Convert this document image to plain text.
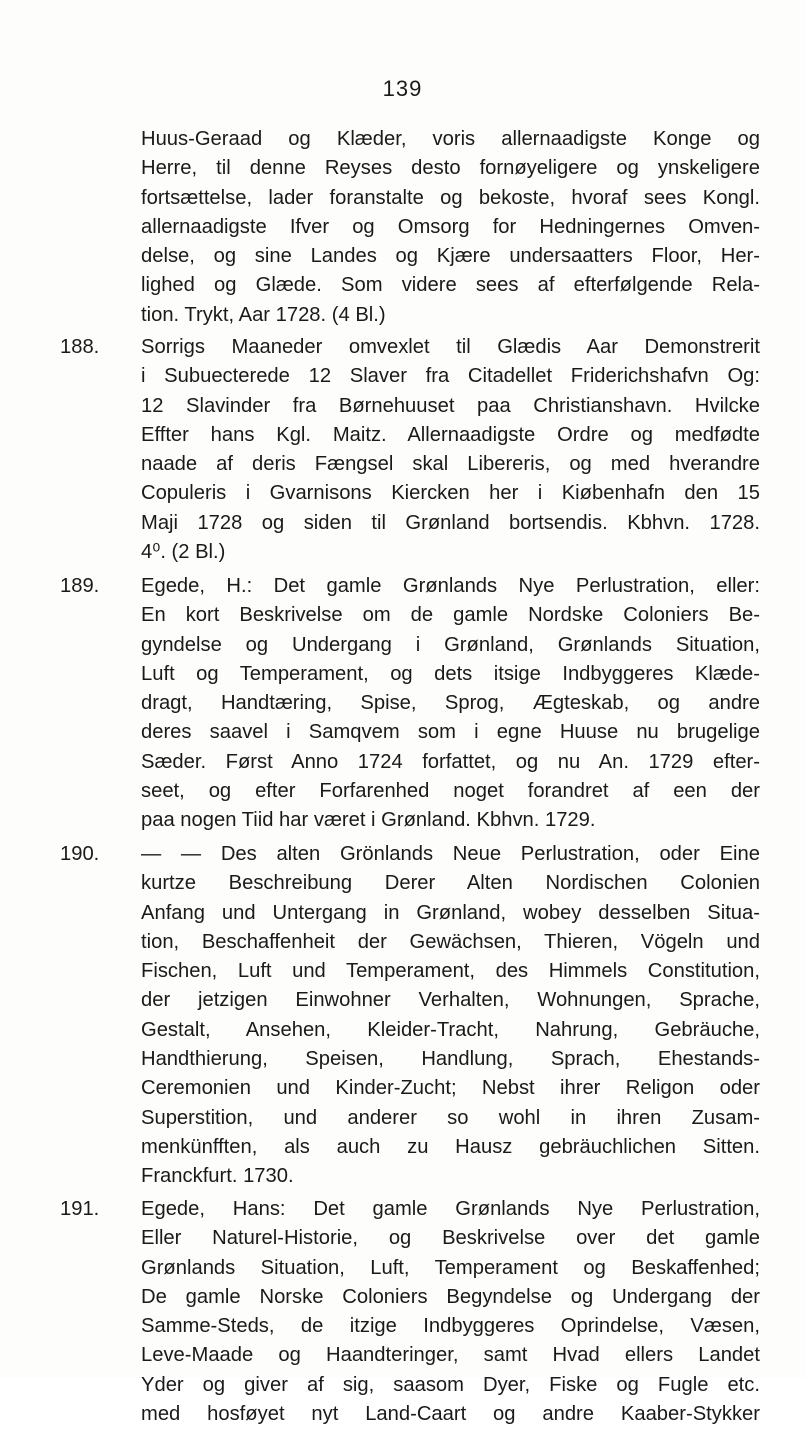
139
Huus-Geraad og Klæder, voris allernaadigste Konge og
Herre, til denne Reyses desto fornøyeligere og ynskeligere
fortsættelse, lader foranstalte og bekoste, hvoraf sees Kongl.
allernaadigste Ifver og Omsorg for Hedningernes Omven-
delse, og sine Landes og Kjære undersaatters Floor, Her-
lighed og Glæde. Som videre sees af efterfølgende Rela-
tion. Trykt, Aar 1728. (4 Bl.)
188.	Sorrigs Maaneder omvexlet til Glædis Aar Demonstrerit
i Subuecterede 12 Slaver fra Citadellet Friderichshafvn Og:
12 Slavinder fra Børnehuuset paa Christianshavn. Hvilcke
Effter hans Kgl. Maitz. Allernaadigste Ordre og medfødte
naade af deris Fængsel skal Libereris, og med hverandre
Copuleris i Gvarnisons Kiercken her i Kiøbenhafn den 15
Maji 1728 og siden til Grønland bortsendis. Kbhvn. 1728.
4⁰. (2 Bl.)
189.	Egede, H.: Det gamle Grønlands Nye Perlustration, eller:
En kort Beskrivelse om de gamle Nordske Coloniers Be-
gyndelse og Undergang i Grønland, Grønlands Situation,
Luft og Temperament, og dets itsige Indbyggeres Klæde-
dragt, Handtæring, Spise, Sprog, Ægteskab, og andre
deres saavel i Samqvem som i egne Huuse nu brugelige
Sæder. Først Anno 1724 forfattet, og nu An. 1729 efter-
seet, og efter Forfarenhed noget forandret af een der
paa nogen Tiid har været i Grønland. Kbhvn. 1729.
190.	— — Des alten Grönlands Neue Perlustration, oder Eine
kurtze Beschreibung Derer Alten Nordischen Colonien
Anfang und Untergang in Grønland, wobey desselben Situa-
tion, Beschaffenheit der Gewächsen, Thieren, Vögeln und
Fischen, Luft und Temperament, des Himmels Constitution,
der jetzigen Einwohner Verhalten, Wohnungen, Sprache,
Gestalt, Ansehen, Kleider-Tracht, Nahrung, Gebräuche,
Handthierung, Speisen, Handlung, Sprach, Ehestands-
Ceremonien und Kinder-Zucht; Nebst ihrer Religon oder
Superstition, und anderer so wohl in ihren Zusam-
menkünfften, als auch zu Hausz gebräuchlichen Sitten.
Franckfurt. 1730.
191.	Egede, Hans: Det gamle Grønlands Nye Perlustration,
Eller Naturel-Historie, og Beskrivelse over det gamle
Grønlands Situation, Luft, Temperament og Beskaffenhed;
De gamle Norske Coloniers Begyndelse og Undergang der
Samme-Steds, de itzige Indbyggeres Oprindelse, Væsen,
Leve-Maade og Haandteringer, samt Hvad ellers Landet
Yder og giver af sig, saasom Dyer, Fiske og Fugle etc.
med hosføyet nyt Land-Caart og andre Kaaber-Stykker
